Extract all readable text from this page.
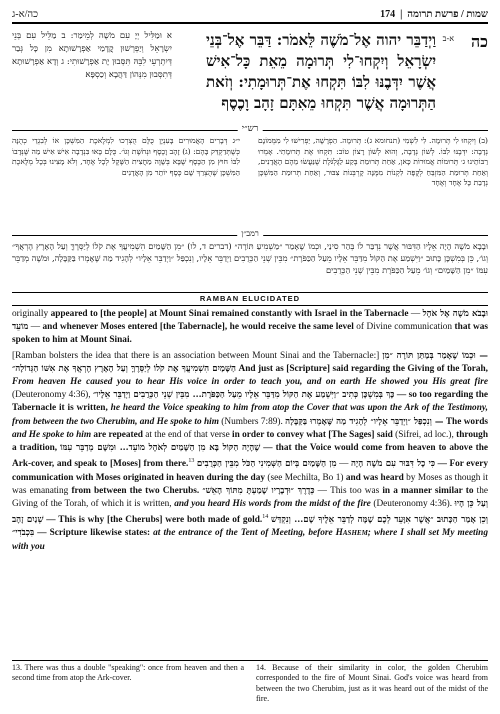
כה/א-ג	שמות / פרשת תרומה  |  174
כה
א-ב
וַיְדַבֵּר יהוה אֶל־מֹשֶׁה לֵּאמֹר: דַּבֵּר אֶל־בְּנֵי יִשְׂרָאֵל וְיִקְחוּ־לִי תְּרוּמָה מֵאֵת כָּל־אִישׁ אֲשֶׁר יִדְּבֶנּוּ לִבּוֹ תִּקְחוּ אֶת־תְּרוּמָתִי: וְזֹאת הַתְּרוּמָה אֲשֶׁר תִּקְחוּ מֵאִתָּם זָהָב וָכֶסֶף
א וּמַלִּיל יְיָ עִם מֹשֶׁה לְמֵימַר: ב מַלֵּיל עִם בְּנֵי יִשְׂרָאֵל וְיַפְרְשׁוּן קֳדָמַי אַפְרָשׁוּתָא מִן כָּל גְּבַר דְּיִתְרְעֵי לִבֵּהּ תִּסְּבוּן יָת אַפְרָשׁוּתִי: ג וְדָא אַפְרָשׁוּתָא דְּתִסְּבוּן מִנְּהוֹן דַּהֲבָא וְכַסְפָּא
רש״י
(ב) וְיִקְחוּ לִי תְּרוּמָה. לִי לִשְׁמִי (תנחומא ג): תְּרוּמָה. הַפְרָשָׁה, יַפְרִישׁוּ לִי מִמְּמוֹנָם נְדָבָה: יִדְּבֶנּוּ לִבּוֹ. לְשׁוֹן נְדָבָה, וְהוּא לְשׁוֹן רָצוֹן טוֹב: תִּקְחוּ אֶת תְּרוּמָתִי. אָמְרוּ רַבּוֹתֵינוּ ג׳ תְּרוּמוֹת אֲמוּרוֹת כָּאן, אַחַת תְּרוּמַת בֶּקַע לַגֻּלְגֹּלֶת שֶׁנַּעֲשׂוּ מֵהֶם הָאֲדָנִים, וְאַחַת תְּרוּמַת הַמִּזְבֵּחַ לְקֻפָּה לִקְנוֹת מִמֶּנָּה קָרְבְּנוֹת צִבּוּר, וְאַחַת תְּרוּמַת הַמִּשְׁכָּן נְדָבַת כָּל אֶחָד וְאֶחָד
י״ג דְּבָרִים הָאֲמוּרִים בָּעִנְיָן כֻּלָּם הֻצְרְכוּ לִמְלֶאכֶת הַמִּשְׁכָּן אוֹ לְבִגְדֵי כְהֻנָּה כְּשֶׁתְּדַקְדֵּק בָּהֶם: (ג) זָהָב וָכֶסֶף וּנְחֹשֶׁת וְגוֹ׳. כֻּלָּם בָּאוּ בִּנְדָבָה אִישׁ אִישׁ מַה שֶּׁנְּדָבוֹ לִבּוֹ חוּץ מִן הַכֶּסֶף שֶׁבָּא בְּשָׁוֶה מַחֲצִית הַשֶּׁקֶל לְכָל אֶחָד, וְלֹא מָצִינוּ בְּכָל מְלֶאכֶת הַמִּשְׁכָּן שֶׁהֻצְרַךְ שָׁם כֶּסֶף יוֹתֵר מִן הָאֲדָנִים
רמב״ן
וּבָבָא מֹשֶׁה הָיָה אֵלָיו הַדִּבּוּר אֲשֶׁר נִדְבַּר לוֹ בְּהַר סִינַי, וּכְמוֹ שֶׁאָמַר ״מַשְׁמִיעַ תּוֹרָה״ (דברים ד, לו) ״מִן הַשָּׁמַיִם הִשְׁמִיעֲךָ אֶת קֹלוֹ לְיַסְּרֶךָּ וְעַל הָאָרֶץ הֶרְאֲךָ״ וְגוֹ׳, כֵּן בְּמִשְׁכָּן כָּתוּב ״וַיִּשְׁמַע אֶת הַקּוֹל מִדַּבֵּר אֵלָיו מֵעַל הַכַּפֹּרֶת״ מִבֵּין שְׁנֵי הַכְּרֻבִים וַיְדַבֵּר אֵלָיו, וְנִכְפַּל ״וַיְדַבֵּר אֵלָיו״ לְהָגִיד מַה שֶּׁאָמְרוּ בַּקַּבָּלָה, וּמֹשֶׁה מְדַבֵּר עִמּוֹ ״מִן הַשָּׁמַיִם״ וְגוֹ׳ מֵעַל הַכַּפֹּרֶת מִבֵּין שְׁנֵי הַכְּרֻבִים
RAMBAN ELUCIDATED

originally appeared to [the people] at Mount Sinai remained constantly with Israel in the Tabernacle — וּבָבֹא מֹשֶׁה אֶל אֹהֶל מוֹעֵד — and whenever Moses entered [the Tabernacle], he would receive the same level of Divine communication that was spoken to him at Mount Sinai.

[Ramban bolsters the idea that there is an association between Mount Sinai and the Tabernacle:] — וּכְמוֹ שֶׁאָמַר בְּמַתַּן תּוֹרָה ״מִן הַשָּׁמַיִם הִשְׁמִיעֲךָ אֶת קֹלוֹ לְיַסְּרֶךָּ וְעַל הָאָרֶץ הֶרְאֲךָ אֶת אִשּׁוֹ הַגְּדוֹלָה״ And just as [Scripture] said regarding the Giving of the Torah, From heaven He caused you to hear His voice in order to teach you, and on earth He showed you His great fire (Deuteronomy 4:36), כָּךְ בְּמִשְׁכָּן כְּתִיב ״וַיִּשְׁמַע אֶת הַקּוֹל מִדַּבֵּר אֵלָיו מֵעַל הַכַּפֹּרֶת... מִבֵּין שְׁנֵי הַכְּרֻבִים וַיְדַבֵּר אֵלָיו״ — so too regarding the Tabernacle it is written, he heard the Voice speaking to him from atop the Cover that was upon the Ark of the Testimony, from between the two Cherubim, and He spoke to him (Numbers 7:89). — וְנִכְפַּל ״וַיְדַבֵּר אֵלָיו״ לְהָגִיד מַה שֶּׁאָמְרוּ בַּקַּבָּלָה The words and He spoke to him are repeated at the end of that verse in order to convey what [The Sages] said (Sifrei, ad loc.), through a tradition, שֶׁהָיָה הַקּוֹל בָּא מִן הַשָּׁמַיִם לְאֹהֶל מוֹעֵד... וּמִשָּׁם מְדַבֵּר עִמּוֹ — that the Voice would come from heaven to above the Ark-cover, and speak to [Moses] from there.$^{13}$	כִּי כָל דִּבּוּר עִם מֹשֶׁה הָיָה — מִן הַשָּׁמַיִם בְּיוֹם הַשְּׁמִינִי הַכֹּל מִבֵּין הַכְּרֻבִים	— For every communication with Moses originated in heaven during the day (see Mechilta, Bo 1) and was heard by Moses as though it was emanating from between the two Cherubs. כְּדֶרֶךְ ״וּדְבָרָיו שָׁמַעְתָּ מִתּוֹךְ הָאֵשׁ״ — This too was in a manner similar to the Giving of the Torah, of which it is written, and you heard His words from the midst of the fire (Deuteronomy 4:36). וְעַל כֵּן הָיוּ שְׁנַיִם זָהָב — This is why [the Cherubs] were both made of gold.$^{14}$ וְכֵן אָמַר הַכָּתוּב ״אֲשֶׁר אִוָּעֵד לְכֶם שָׁמָּה לְדַבֵּר אֵלֶיךָ שָׁם... וְנִקְדַּשׁ בִּכְבֹדִי״ — Scripture likewise states: at the entrance of the Tent of Meeting, before Hashem; where I shall set My meeting with you

13. There was thus a double "speaking": once from heaven and then a second time from atop the Ark-cover.
14. Because of their similarity in color, the golden Cherubim corresponded to the fire of Mount Sinai. God's voice was heard from between the two Cherubim, just as it was heard out of the midst of the fire.
